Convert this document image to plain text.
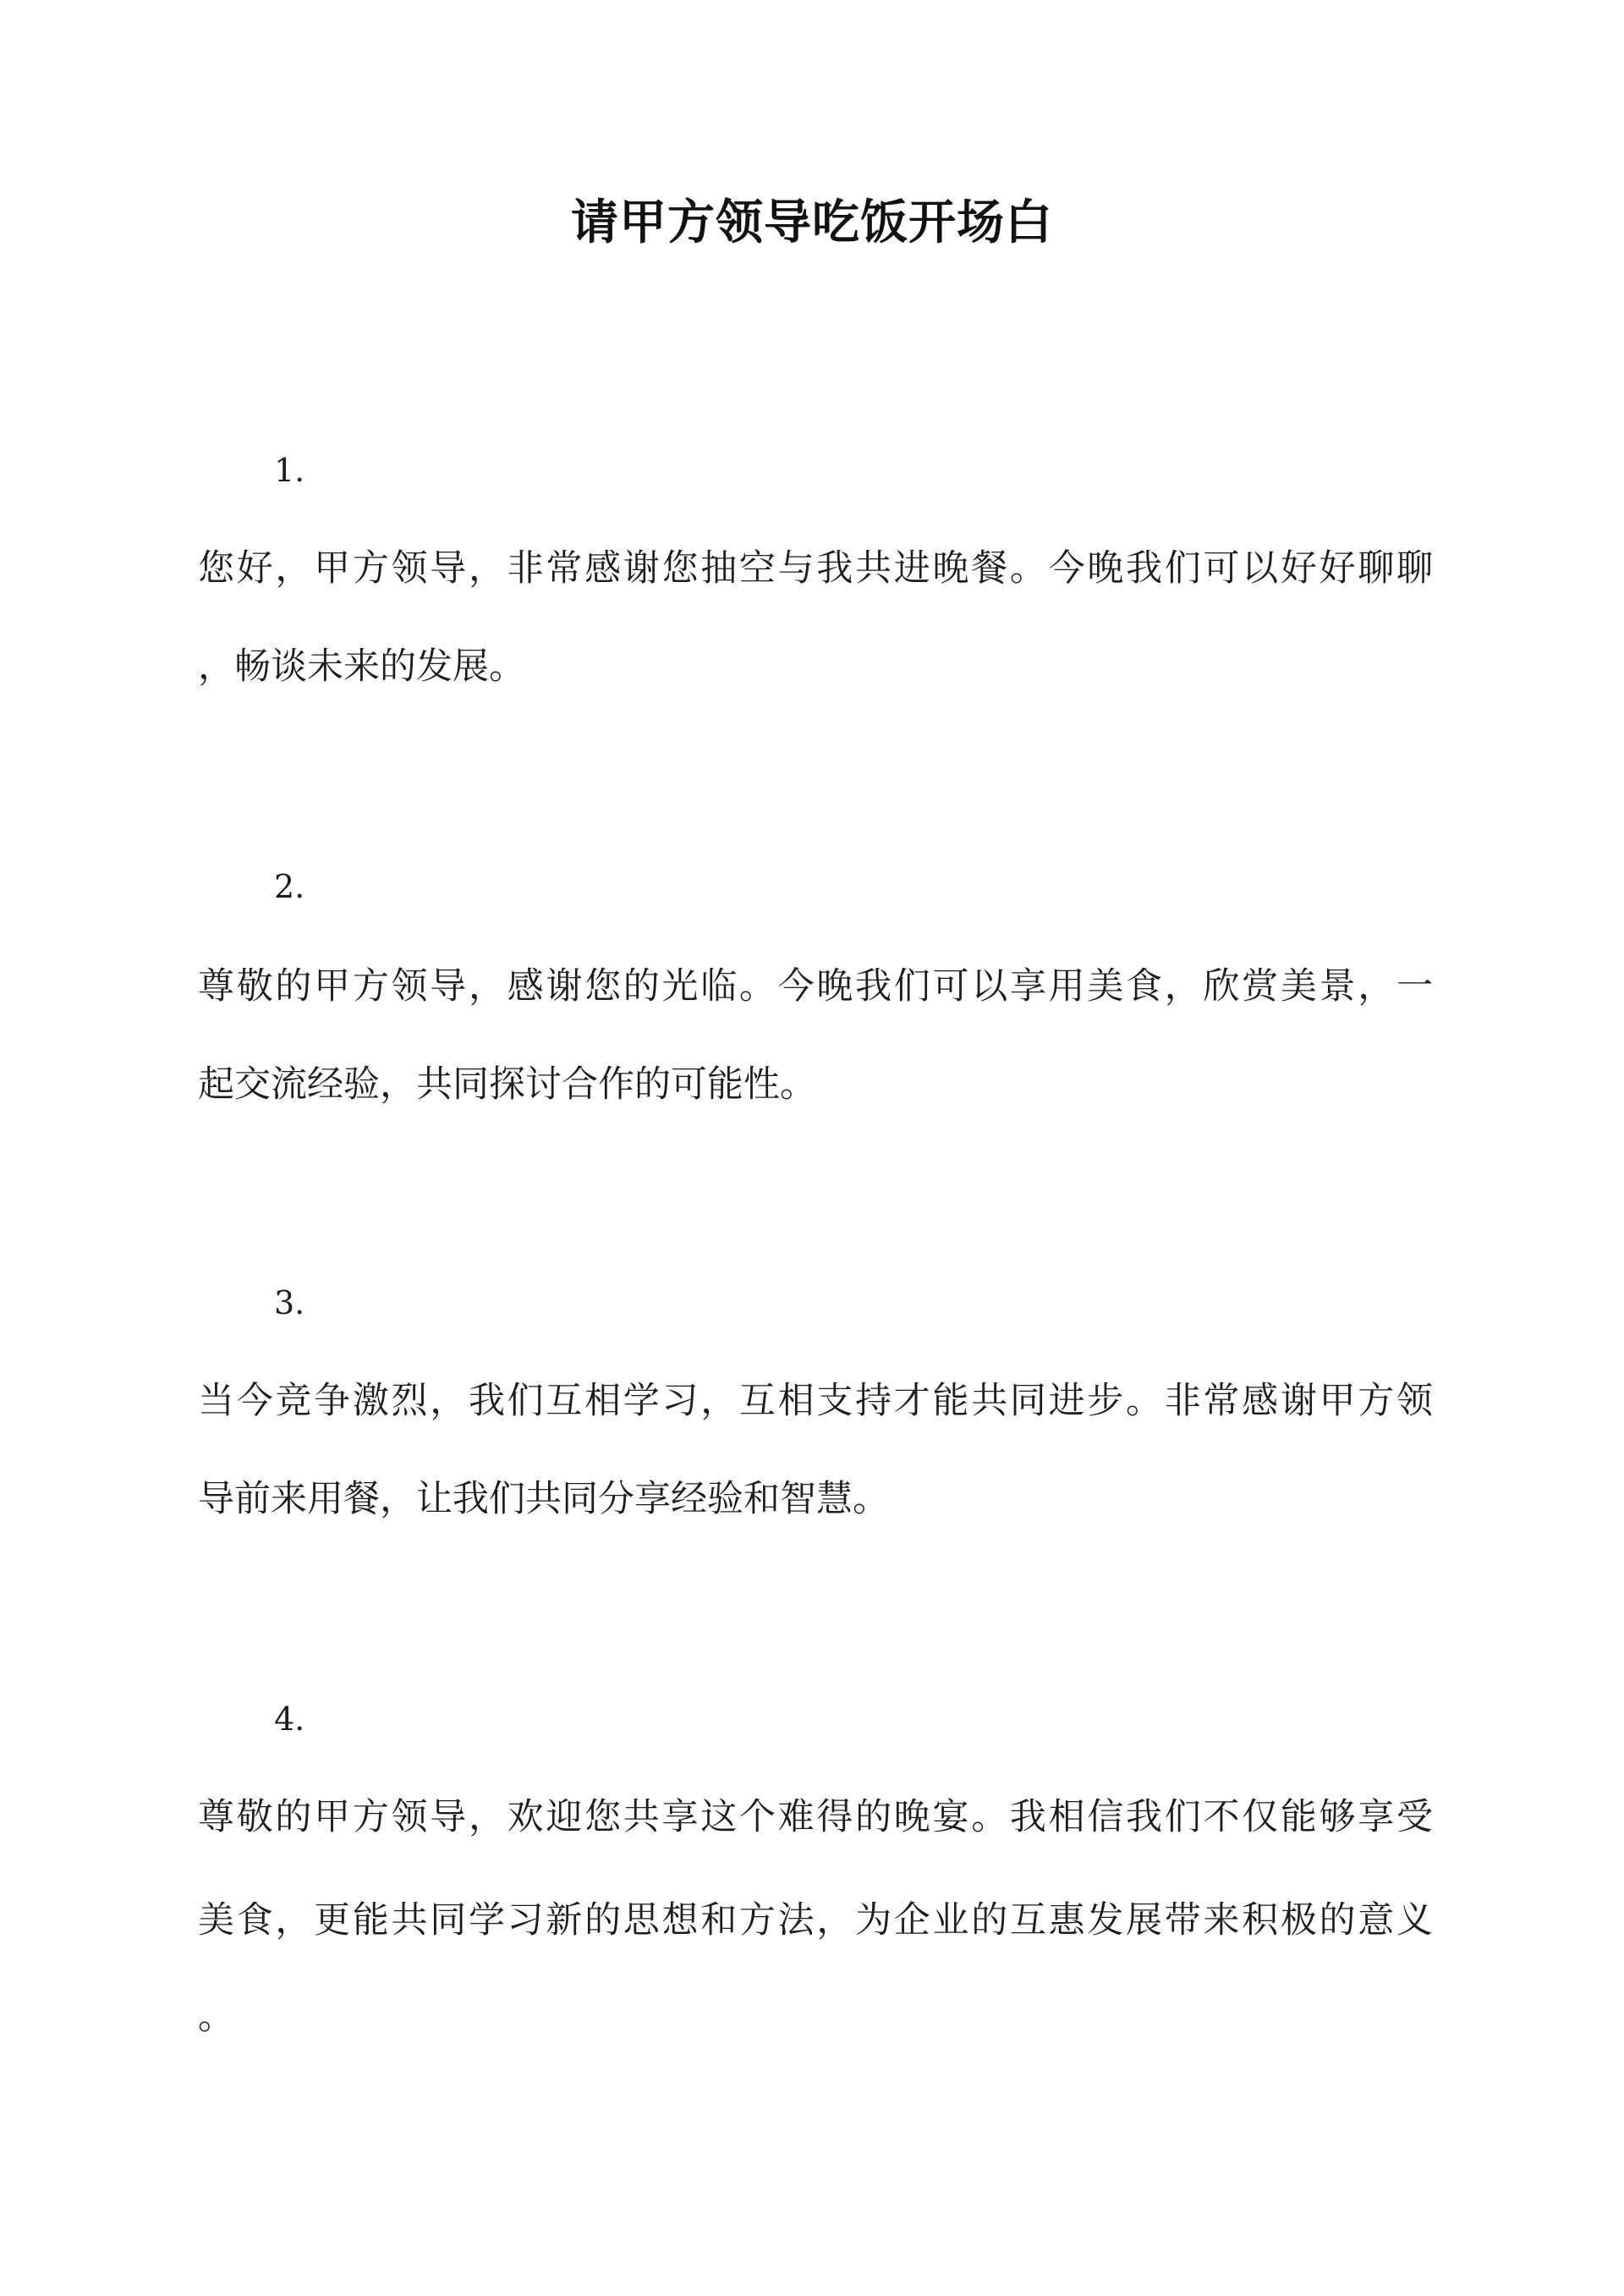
请甲方领导吃饭开场白
1.
您好，甲方领导，非常感谢您抽空与我共进晚餐。今晚我们可以好好聊聊
，畅谈未来的发展。
2.
尊敬的甲方领导，感谢您的光临。今晚我们可以享用美食，欣赏美景，一
起交流经验，共同探讨合作的可能性。
3.
当今竞争激烈，我们互相学习，互相支持才能共同进步。非常感谢甲方领
导前来用餐，让我们共同分享经验和智慧。
4.
尊敬的甲方领导，欢迎您共享这个难得的晚宴。我相信我们不仅能够享受
美食，更能共同学习新的思想和方法，为企业的互惠发展带来积极的意义
。
